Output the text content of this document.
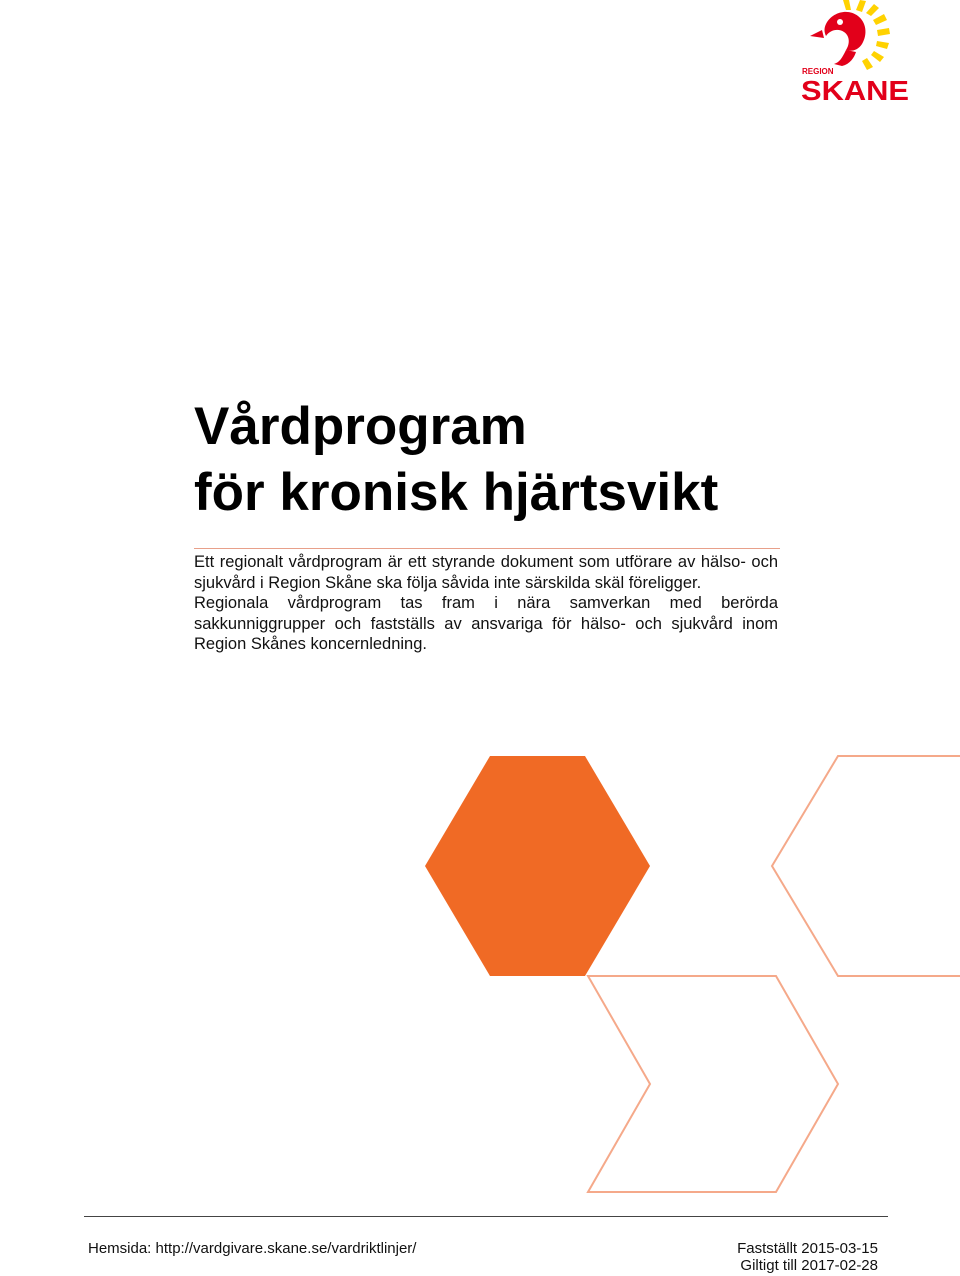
REGION
SKANE
Vårdprogram
för kronisk hjärtsvikt

Ett regionalt vårdprogram är ett styrande dokument som utförare av hälso- och sjukvård i Region Skåne ska följa såvida inte särskilda skäl föreligger.

Regionala vårdprogram tas fram i nära samverkan med berörda sakkunniggrupper och fastställs av ansvariga för hälso- och sjukvård inom Region Skånes koncernledning.

Hemsida: http://vardgivare.skane.se/vardriktlinjer/	Fastställt 2015-03-15
Giltigt till 2017-02-28
